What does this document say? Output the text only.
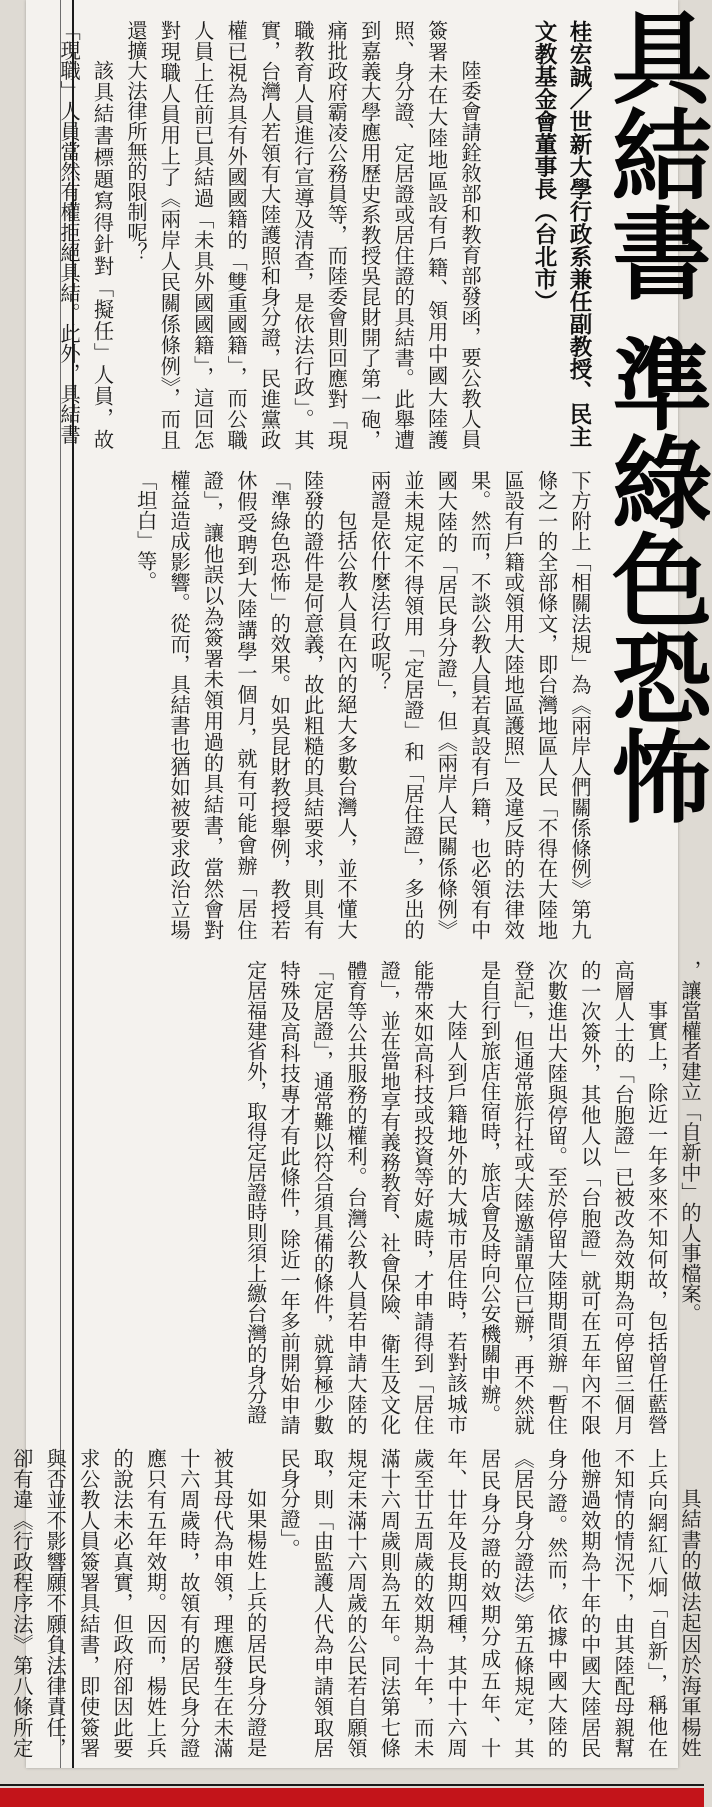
具結書 準綠色恐怖
桂宏誠／世新大學行政系兼任副教授、民主文教基金會董事長（台北市）

陸委會請銓敘部和教育部發函，要公教人員簽署未在大陸地區設有戶籍、領用中國大陸護照、身分證、定居證或居住證的具結書。此舉遭到嘉義大學應用歷史系教授吳昆財開了第一砲，痛批政府霸凌公務員等，而陸委會則回應對「現職教育人員進行宣導及清查，是依法行政」。其實，台灣人若領有大陸護照和身分證，民進黨政權已視為具有外國國籍的「雙重國籍」，而公職人員上任前已具結過「未具外國國籍」，這回怎對現職人員用上了《兩岸人民關係條例》，而且還擴大法律所無的限制呢？

該具結書標題寫得針對「擬任」人員，故「現職」人員當然有權拒絕具結。此外，具結書

下方附上「相關法規」為《兩岸人們關係條例》第九條之一的全部條文，即台灣地區人民「不得在大陸地區設有戶籍或領用大陸地區護照」及違反時的法律效果。然而，不談公教人員若真設有戶籍，也必領有中國大陸的「居民身分證」，但《兩岸人民關係條例》並未規定不得領用「定居證」和「居住證」，多出的兩證是依什麼法行政呢？

包括公教人員在內的絕大多數台灣人，並不懂大陸發的證件是何意義，故此粗糙的具結要求，則具有「準綠色恐怖」的效果。如吳昆財教授舉例，教授若休假受聘到大陸講學一個月，就有可能會辦「居住證」，讓他誤以為簽署未領用過的具結書，當然會對權益造成影響。從而，具結書也猶如被要求政治立場「坦白」等。

，讓當權者建立「自新中」的人事檔案。

事實上，除近一年多來不知何故，包括曾任藍營高層人士的「台胞證」已被改為效期為可停留三個月的一次簽外，其他人以「台胞證」就可在五年內不限次數進出大陸與停留。至於停留大陸期間須辦「暫住登記」，但通常旅行社或大陸邀請單位已辦，再不然就是自行到旅店住宿時，旅店會及時向公安機關申辦。

大陸人到戶籍地外的大城市居住時，若對該城市能帶來如高科技或投資等好處時，才申請得到「居住證」，並在當地享有義務教育、社會保險、衛生及文化體育等公共服務的權利。台灣公教人員若申請大陸的「定居證」，通常難以符合須具備的條件，就算極少數特殊及高科技專才有此條件，除近一年多前開始申請定居福建省外，取得定居證時則須上繳台灣的身分證

具結書的做法起因於海軍楊姓上兵向網紅八炯「自新」，稱他在不知情的情況下，由其陸配母親幫他辦過效期為十年的中國大陸居民身分證。然而，依據中國大陸的《居民身分證法》第五條規定，其居民身分證的效期分成五年、十年、廿年及長期四種，其中十六周歲至廿五周歲的效期為十年，而未滿十六周歲則為五年。同法第七條規定未滿十六周歲的公民若自願領取，則「由監護人代為申請領取居民身分證」。

如果楊姓上兵的居民身分證是被其母代為申領，理應發生在未滿十六周歲時，故領有的居民身分證應只有五年效期。因而，楊姓上兵的說法未必真實，但政府卻因此要求公教人員簽署具結書，即使簽署與否並不影響願不願負法律責任，卻有違《行政程序法》第八條所定
